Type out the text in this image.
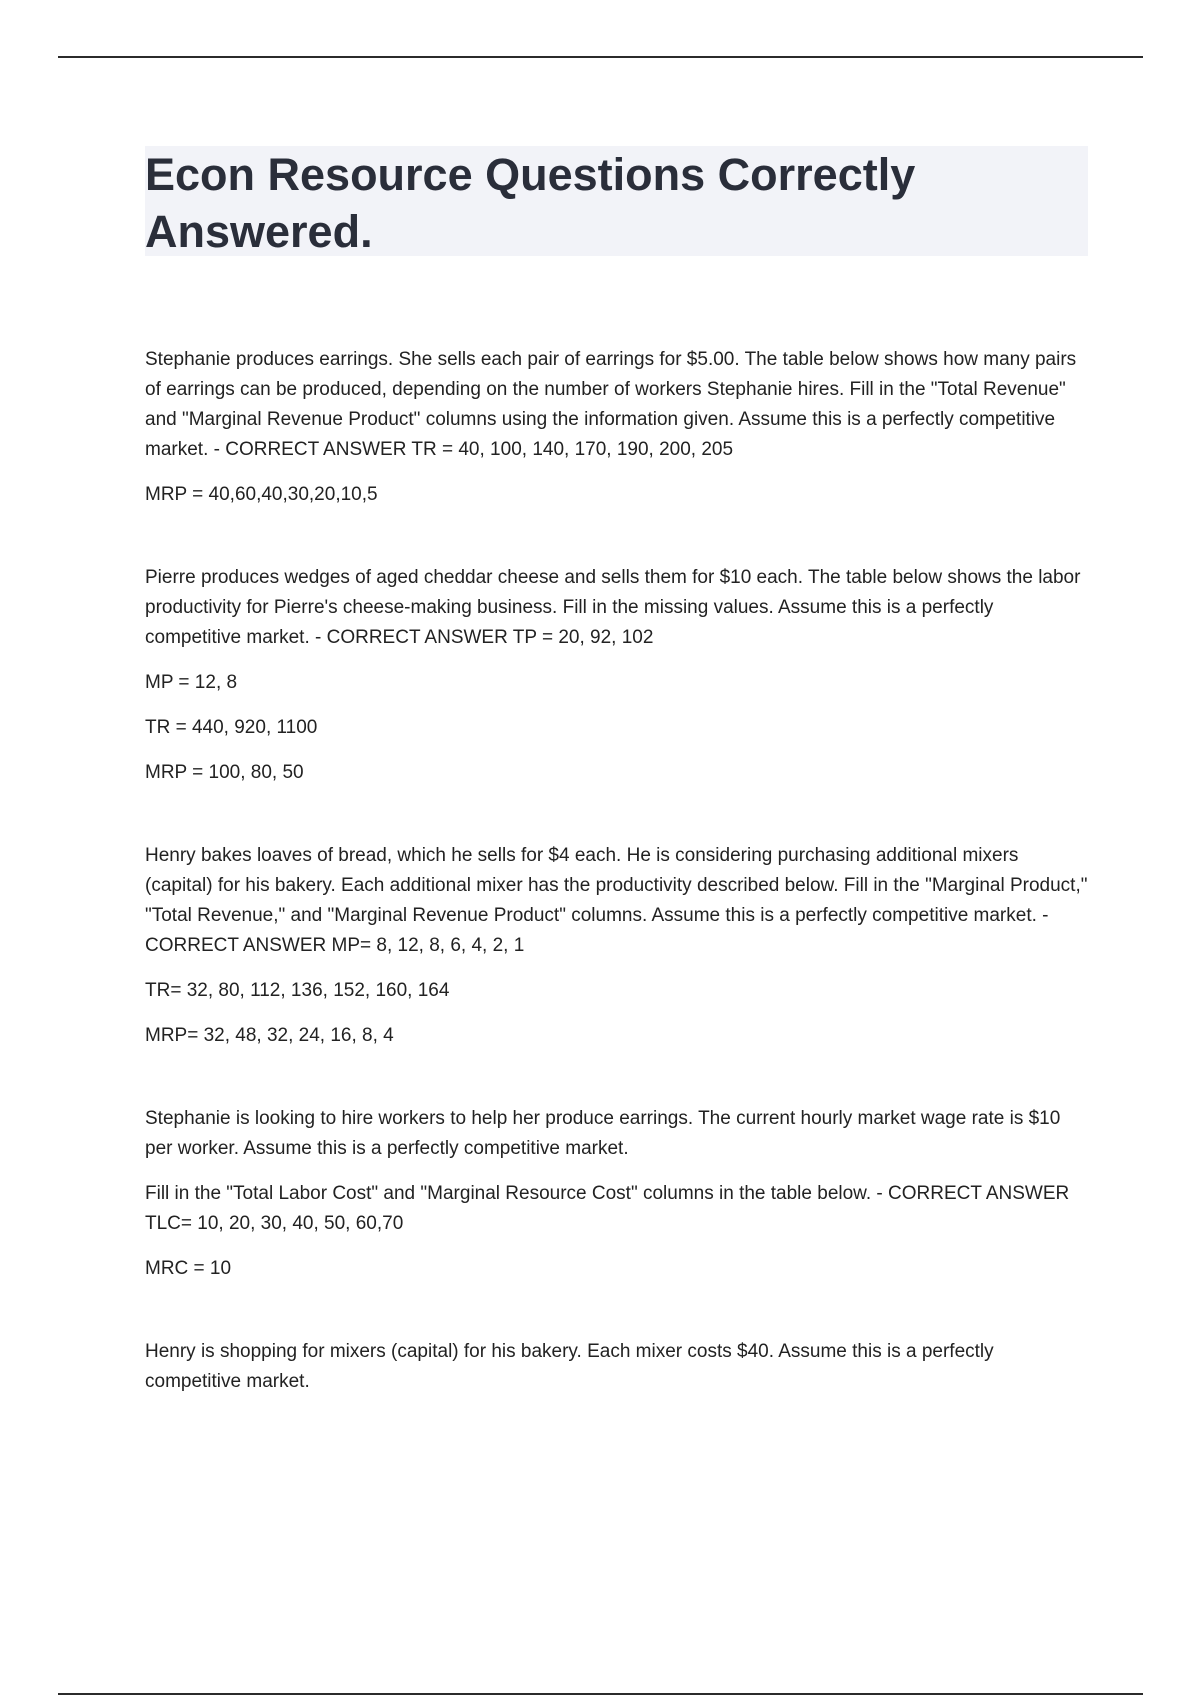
Econ Resource Questions Correctly Answered.

Stephanie produces earrings. She sells each pair of earrings for $5.00. The table below shows how many pairs of earrings can be produced, depending on the number of workers Stephanie hires. Fill in the "Total Revenue" and "Marginal Revenue Product" columns using the information given. Assume this is a perfectly competitive market. - CORRECT ANSWER TR = 40, 100, 140, 170, 190, 200, 205

MRP = 40,60,40,30,20,10,5

Pierre produces wedges of aged cheddar cheese and sells them for $10 each. The table below shows the labor productivity for Pierre's cheese-making business. Fill in the missing values. Assume this is a perfectly competitive market. - CORRECT ANSWER TP = 20, 92, 102

MP = 12, 8

TR = 440, 920, 1100

MRP = 100, 80, 50

Henry bakes loaves of bread, which he sells for $4 each. He is considering purchasing additional mixers (capital) for his bakery. Each additional mixer has the productivity described below. Fill in the "Marginal Product," "Total Revenue," and "Marginal Revenue Product" columns. Assume this is a perfectly competitive market. - CORRECT ANSWER MP= 8, 12, 8, 6, 4, 2, 1

TR= 32, 80, 112, 136, 152, 160, 164

MRP= 32, 48, 32, 24, 16, 8, 4

Stephanie is looking to hire workers to help her produce earrings. The current hourly market wage rate is $10 per worker. Assume this is a perfectly competitive market.

Fill in the "Total Labor Cost" and "Marginal Resource Cost" columns in the table below. - CORRECT ANSWER TLC= 10, 20, 30, 40, 50, 60,70

MRC = 10

Henry is shopping for mixers (capital) for his bakery. Each mixer costs $40. Assume this is a perfectly competitive market.
